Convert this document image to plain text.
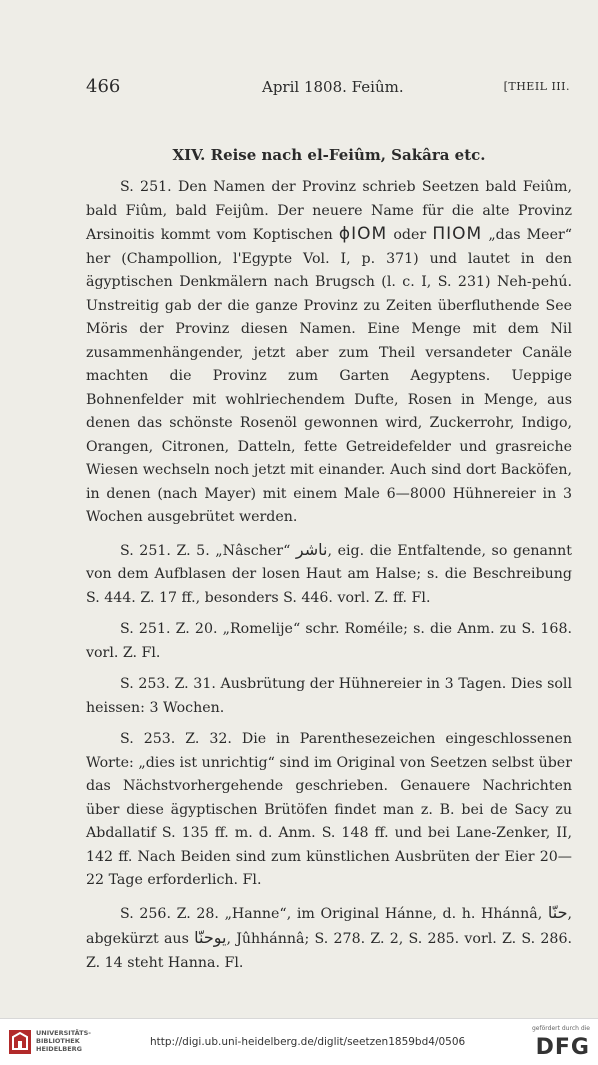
466	April 1808. Feiûm.	[THEIL III.
XIV. Reise nach el-Feiûm, Sakâra etc.

S. 251. Den Namen der Provinz schrieb Seetzen bald Feiûm, bald Fiûm, bald Feijûm. Der neuere Name für die alte Provinz Arsinoitis kommt vom Koptischen ϕIOM oder ΠIOM „das Meer“ her (Champollion, l'Egypte Vol. I, p. 371) und lautet in den ägyptischen Denkmälern nach Brugsch (l. c. I, S. 231) Neh-pehú. Unstreitig gab der die ganze Provinz zu Zeiten überfluthende See Möris der Provinz diesen Namen. Eine Menge mit dem Nil zusammenhängender, jetzt aber zum Theil versandeter Canäle machten die Provinz zum Garten Aegyptens. Ueppige Bohnenfelder mit wohlriechendem Dufte, Rosen in Menge, aus denen das schönste Rosenöl gewonnen wird, Zuckerrohr, Indigo, Orangen, Citronen, Datteln, fette Getreidefelder und grasreiche Wiesen wechseln noch jetzt mit einander. Auch sind dort Backöfen, in denen (nach Mayer) mit einem Male 6—8000 Hühnereier in 3 Wochen ausgebrütet werden.

S. 251. Z. 5. „Nâscher“ ناشر, eig. die Entfaltende, so genannt von dem Aufblasen der losen Haut am Halse; s. die Beschreibung S. 444. Z. 17 ff., besonders S. 446. vorl. Z. ff. Fl.

S. 251. Z. 20. „Romelije“ schr. Roméile; s. die Anm. zu S. 168. vorl. Z. Fl.

S. 253. Z. 31. Ausbrütung der Hühnereier in 3 Tagen. Dies soll heissen: 3 Wochen.

S. 253. Z. 32. Die in Parenthesezeichen eingeschlossenen Worte: „dies ist unrichtig“ sind im Original von Seetzen selbst über das Nächstvorhergehende geschrieben. Genauere Nachrichten über diese ägyptischen Brütöfen findet man z. B. bei de Sacy zu Abdallatif S. 135 ff. m. d. Anm. S. 148 ff. und bei Lane-Zenker, II, 142 ff. Nach Beiden sind zum künstlichen Ausbrüten der Eier 20—22 Tage erforderlich. Fl.

S. 256. Z. 28. „Hanne“, im Original Hánne, d. h. Hhánnâ, حنّا, abgekürzt aus يوحنّا, Jûhhánnâ; S. 278. Z. 2, S. 285. vorl. Z. S. 286. Z. 14 steht Hanna. Fl.

UNIVERSITÄTS-
BIBLIOTHEK
HEIDELBERG
http://digi.ub.uni-heidelberg.de/diglit/seetzen1859bd4/0506
gefördert durch die
DFG
